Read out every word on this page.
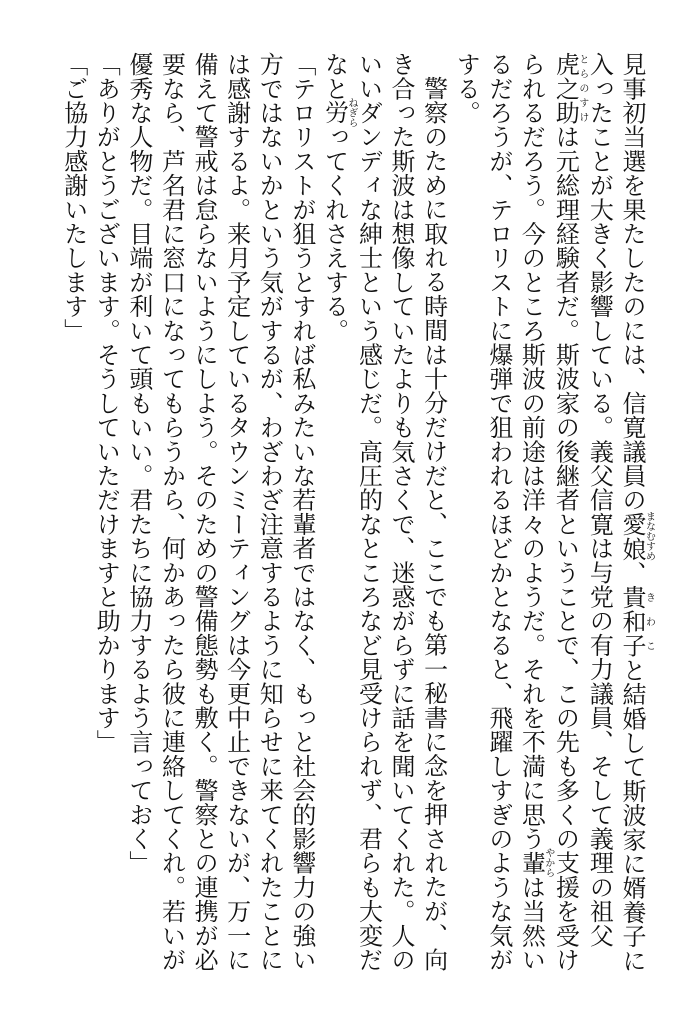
見事初当選を果たしたのには、信寛議員の愛娘まなむすめ、貴和子きわこと結婚して斯波家に婿養子に入ったことが大きく影響している。義父信寛は与党の有力議員、そして義理の祖父虎之助とらのすけは元総理経験者だ。斯波家の後継者ということで、この先も多くの支援を受けられるだろう。今のところ斯波の前途は洋々のようだ。それを不満に思う輩やからは当然いるだろうが、テロリストに爆弾で狙われるほどかとなると、飛躍しすぎのような気がする。

警察のために取れる時間は十分だけだと、ここでも第一秘書に念を押されたが、向き合った斯波は想像していたよりも気さくで、迷惑がらずに話を聞いてくれた。人のいいダンディな紳士という感じだ。高圧的なところなど見受けられず、君らも大変だなと労ねぎらってくれさえする。

「テロリストが狙うとすれば私みたいな若輩者ではなく、もっと社会的影響力の強い方ではないかという気がするが、わざわざ注意するように知らせに来てくれたことには感謝するよ。来月予定しているタウンミーティングは今更中止できないが、万一に備えて警戒は怠らないようにしよう。そのための警備態勢も敷く。警察との連携が必要なら、芦名君に窓口になってもらうから、何かあったら彼に連絡してくれ。若いが優秀な人物だ。目端が利いて頭もいい。君たちに協力するよう言っておく」

「ありがとうございます。そうしていただけますと助かります」

「ご協力感謝いたします」
